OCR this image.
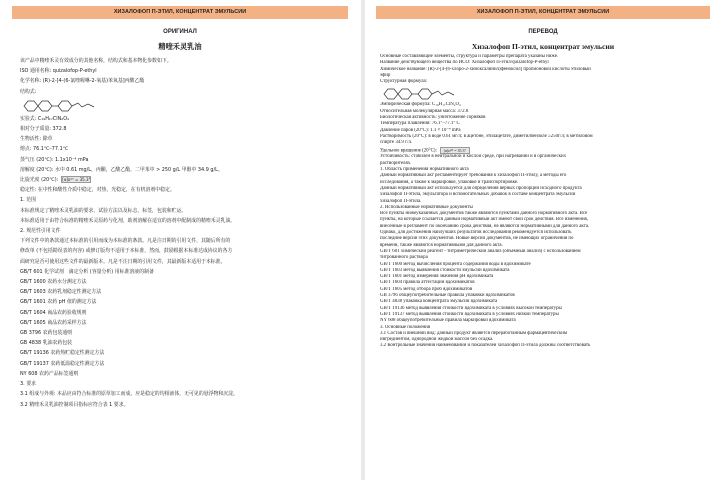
ХИЗАЛОФОП П-ЭТИЛ, КОНЦЕНТРАТ ЭМУЛЬСИИ
ОРИГИНАЛ
精喹禾灵乳油
该产品中精喹禾灵有效成分的其他名称，结构式和基本物化参数如下。
ISO 通用名称: quizalofop-P-ethyl
化学名称: (R)-2-[4-(6-氯喹喔啉-2-氧基)苯氧基]丙酸乙酯
结构式:
实验式: C₁₉H₁₇ClN₂O₄
相对分子质量: 372.8
生物活性: 除草
熔点: 76.1℃–77.1℃
蒸气压 (20℃): 1.1x10⁻⁴ mPa
溶解度 (20℃): 水中 0.61 mg/L，丙酮，乙酸乙酯，二甲苯中 > 250 g/L 甲醇中 34.9 g/L。
比旋光度 (20℃): [α]ᴅ²⁰ = 35.3°
稳定性: 在中性和酸性介质中稳定，对热，光稳定，在有机溶剂中稳定。
1. 范围
本标准规定了精喹禾灵乳油的要求，试验方法以及标志，标签，包装和贮运。
本标准适用于由符合标准的精喹禾灵原药与化剂，助剂溶解在适宜的溶剂中配制成的精喹禾灵乳油。
2. 规范性引用文件
下列文件中的条款通过本标准的引用而成为本标准的条款。凡是注日期的引用文件，其随后所有的
修改单 (不包括勘误表的内容) 或修订版均不适用于本标准，然而，鼓励根据本标准达成协议的各方
面研究是否可使用这些文件的最新版本。凡是不注日期的引用文件，其最新版本适用于本标准。
GB/T 601 化学试剂　滴定分析 (容量分析) 用标准溶液的制备
GB/T 1600 农药水分测定方法
GB/T 1603 农药乳剂稳定性测定方法
GB/T 1601 农药 pH 值的测定方法
GB/T 1604 商品农药验收规则
GB/T 1605 商品农药采样方法
GB 3796 农药包装通则
GB 4838 乳油农药包装
GB/T 19136 农药热贮稳定性测定方法
GB/T 19137 农药低温稳定性测定方法
NY 608 农药产品标签通则
3. 要求
3.1 组成与外观: 本品应由符合标准的原草加工而成，应是稳定的均相液体，无可见的悬浮物和沉淀。
3.2 精喹禾灵乳油控制项目指标应符合表 1 要求。
ХИЗАЛОФОП П-ЭТИЛ, КОНЦЕНТРАТ ЭМУЛЬСИИ
ПЕРЕВОД
Хизалофоп П-этил, концентрат эмульсии
Основные составляющие элементы, структура и параметры препарата указаны ниже.
Название действующего вещества по ИСО: Хизалофоп П-этил/quizalofop-P-ethyl
Химическое название: (R)-2-[4-(6-хлоро-2-хиноксалинил)феноксил] пропионовой кислоты этиловый
эфир
Структурная формула:
Эмпирическая формула: C₁₉H₁₇ClN₂O₄
Относительная молекулярная масса: 372.8
Биологическая активность: уничтожение сорняков
Температура плавления: 76.1°–77.1° С
Давление паров (20°С): 1.1 × 10⁻⁴ mPa
Растворимость (20°С): в воде 0.61 мг/л; в ацетоне, этилацетате, диметилбензоле ≥250г/л; в метиловом
спирте 34.9 г/л.
Удельное вращение (20°С): [α]ᴅ²⁰ = 35.3°
Устойчивость: стабилен в нейтральной и кислой среде, при нагревании и в органических
растворителях.
1. Область применения нормативного акта
Данный нормативный акт регламентирует требования к хизалофоп П-этилу, а методы его
исследования, а также к маркировке, упаковке и транспортировке.
Данный нормативный акт используется для определения верных пропорций исходного продукта
хизалофоп П-этила, эмульгатора и вспомогательных добавок в составе концентрата эмульсии
хизалофоп П-этила.
2. Использованные нормативные документы
Все пункты нижеуказанных документов также являются пунктами данного нормативного акта. Все
пункты, на которые ссылается данный нормативный акт имеют свой срок действия. Все изменения,
внесённые в регламент по окончанию срока действия, не являются нормативными для данного акта.
Однако, для достижения наилучших результатов исследования рекомендуется использовать
последние версии этих документов. Новые версии документов, не имеющих ограничения по
времени, также являются нормативными для данного акта.
GB/T 601 химический реагент - титриметрический анализ (объёмный анализ) с использованием
титрованного раствора
GB/T 1600 метод вычисления процента содержания воды в ядохимикате
GB/T 1603 метод выявления стойкости эмульсии ядохимиката
GB/T 1601 метод измерения значения pH ядохимиката
GB/T 1604 правила аттестации ядохимикатов
GB/T 1605 метод отбора проб ядохимикатов
GB 3796 общеупотребительные правила упаковки ядохимикатов
GB/T 4838 упаковка концентрата эмульсии ядохимиката
GB/T 19136 метод выявления стойкости ядохимиката в условиях высокой температуры
GB/T 19137 метод выявления стойкости ядохимиката в условиях низкой температуры
NY 608 общеупотребительные правила маркировки ядохимиката
3. Основные положения
3.1 Состав и внешний вид: данный продукт является переработанным фармацевтическим
ингредиентом, однородной жидкой массой без осадка.
3.2 Контрольные значения наименований и показателей хизалофоп П-этила должны соответствовать
